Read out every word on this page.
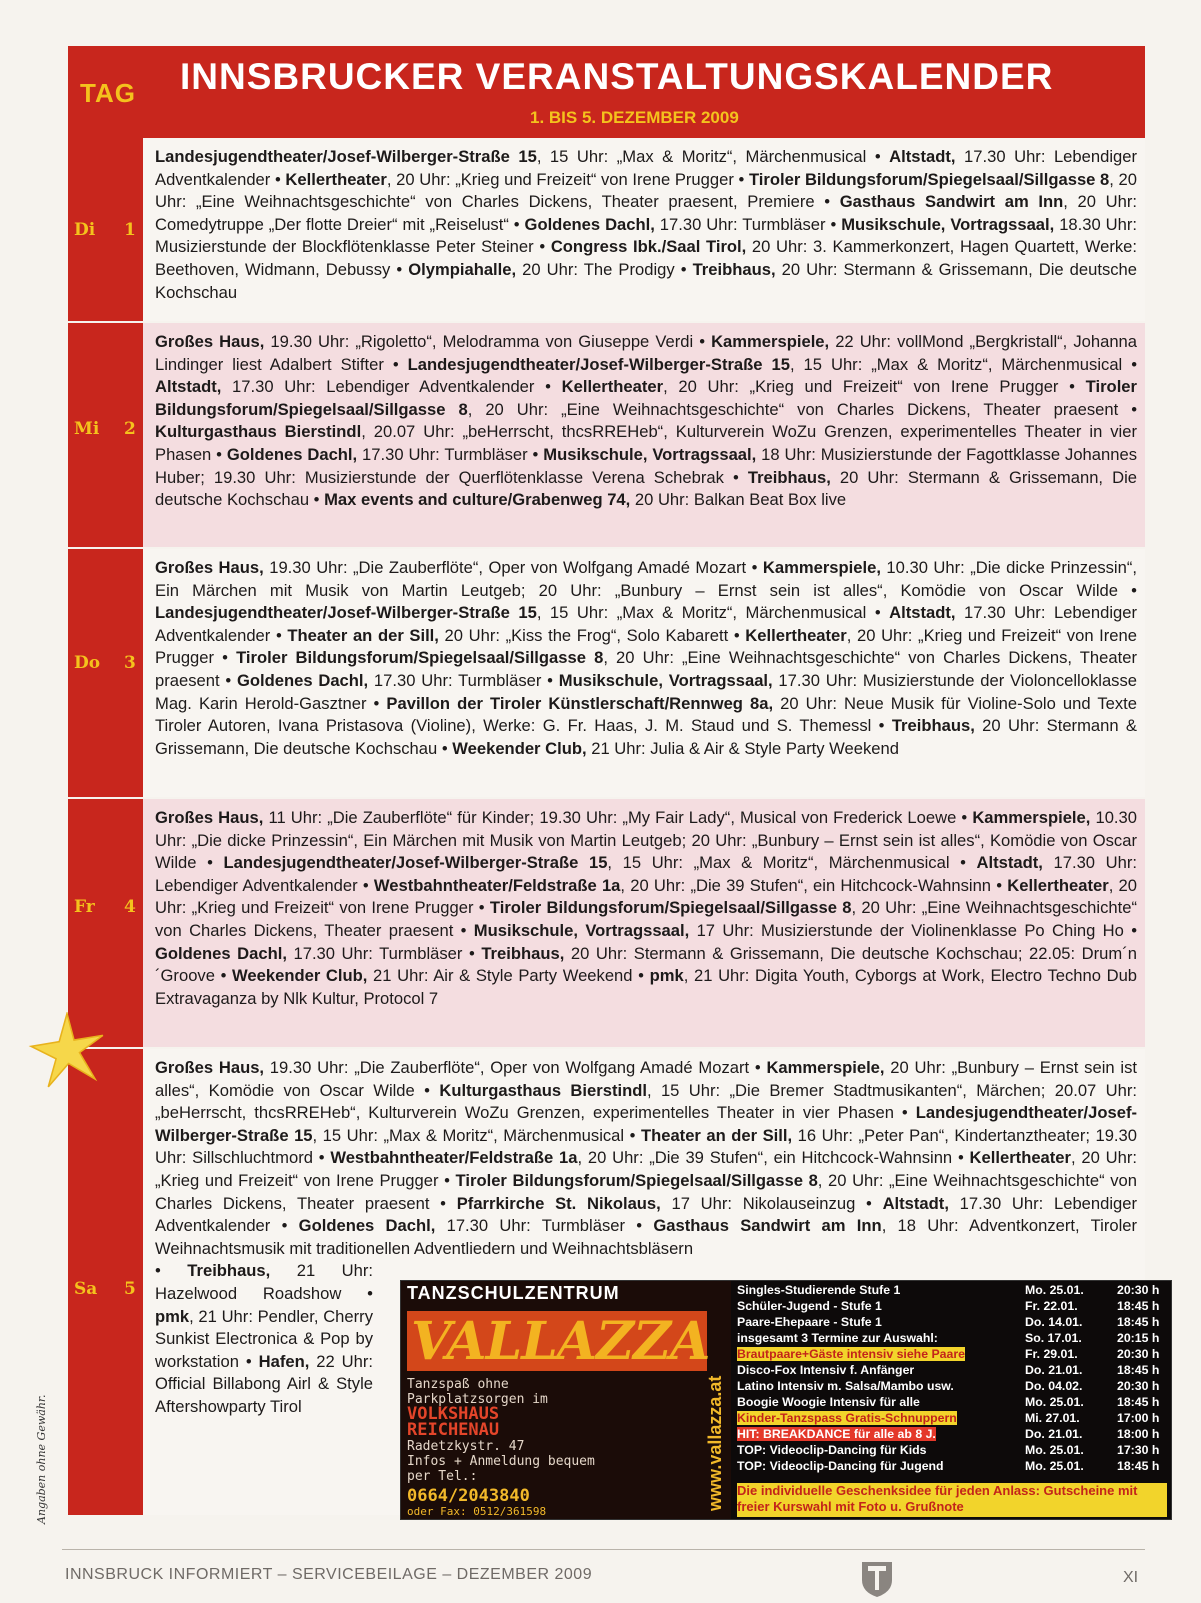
TAG INNSBRUCKER VERANSTALTUNGSKALENDER
1. BIS 5. DEZEMBER 2009
Di 1
Landesjugendtheater/Josef-Wilberger-Straße 15, 15 Uhr: „Max & Moritz“, Märchenmusical • Altstadt, 17.30 Uhr: Lebendiger Adventkalender • Kellertheater, 20 Uhr: „Krieg und Freizeit“ von Irene Prugger • Tiroler Bildungsforum/Spiegelsaal/Sillgasse 8, 20 Uhr: „Eine Weihnachtsgeschichte“ von Charles Dickens, Theater praesent, Premiere • Gasthaus Sandwirt am Inn, 20 Uhr: Comedytruppe „Der flotte Dreier“ mit „Reiselust“ • Goldenes Dachl, 17.30 Uhr: Turmbläser • Musikschule, Vortragssaal, 18.30 Uhr: Musizierstunde der Blockflötenklasse Peter Steiner • Congress Ibk./Saal Tirol, 20 Uhr: 3. Kammerkonzert, Hagen Quartett, Werke: Beethoven, Widmann, Debussy • Olympiahalle, 20 Uhr: The Prodigy • Treibhaus, 20 Uhr: Stermann & Grissemann, Die deutsche Kochschau
Mi 2
Großes Haus, 19.30 Uhr: „Rigoletto“, Melodramma von Giuseppe Verdi • Kammerspiele, 22 Uhr: vollMond „Bergkristall“, Johanna Lindinger liest Adalbert Stifter • Landesjugendtheater/Josef-Wilberger-Straße 15, 15 Uhr: „Max & Moritz“, Märchenmusical • Altstadt, 17.30 Uhr: Lebendiger Adventkalender • Kellertheater, 20 Uhr: „Krieg und Freizeit“ von Irene Prugger • Tiroler Bildungsforum/Spiegelsaal/Sillgasse 8, 20 Uhr: „Eine Weihnachtsgeschichte“ von Charles Dickens, Theater praesent • Kulturgasthaus Bierstindl, 20.07 Uhr: „beHerrscht, thcsRREHeb“, Kulturverein WoZu Grenzen, experimentelles Theater in vier Phasen • Goldenes Dachl, 17.30 Uhr: Turmbläser • Musikschule, Vortragssaal, 18 Uhr: Musizierstunde der Fagottklasse Johannes Huber; 19.30 Uhr: Musizierstunde der Querflötenklasse Verena Schebrak • Treibhaus, 20 Uhr: Stermann & Grissemann, Die deutsche Kochschau • Max events and culture/Grabenweg 74, 20 Uhr: Balkan Beat Box live
Do 3
Großes Haus, 19.30 Uhr: „Die Zauberflöte“, Oper von Wolfgang Amadé Mozart • Kammerspiele, 10.30 Uhr: „Die dicke Prinzessin“, Ein Märchen mit Musik von Martin Leutgeb; 20 Uhr: „Bunbury – Ernst sein ist alles“, Komödie von Oscar Wilde • Landesjugendtheater/Josef-Wilberger-Straße 15, 15 Uhr: „Max & Moritz“, Märchenmusical • Altstadt, 17.30 Uhr: Lebendiger Adventkalender • Theater an der Sill, 20 Uhr: „Kiss the Frog“, Solo Kabarett • Kellertheater, 20 Uhr: „Krieg und Freizeit“ von Irene Prugger • Tiroler Bildungsforum/Spiegelsaal/Sillgasse 8, 20 Uhr: „Eine Weihnachtsgeschichte“ von Charles Dickens, Theater praesent • Goldenes Dachl, 17.30 Uhr: Turmbläser • Musikschule, Vortragssaal, 17.30 Uhr: Musizierstunde der Violoncelloklasse Mag. Karin Herold-Gasztner • Pavillon der Tiroler Künstlerschaft/Rennweg 8a, 20 Uhr: Neue Musik für Violine-Solo und Texte Tiroler Autoren, Ivana Pristasova (Violine), Werke: G. Fr. Haas, J. M. Staud und S. Themessl • Treibhaus, 20 Uhr: Stermann & Grissemann, Die deutsche Kochschau • Weekender Club, 21 Uhr: Julia & Air & Style Party Weekend
Fr 4
Großes Haus, 11 Uhr: „Die Zauberflöte“ für Kinder; 19.30 Uhr: „My Fair Lady“, Musical von Frederick Loewe • Kammerspiele, 10.30 Uhr: „Die dicke Prinzessin“, Ein Märchen mit Musik von Martin Leutgeb; 20 Uhr: „Bunbury – Ernst sein ist alles“, Komödie von Oscar Wilde • Landesjugendtheater/Josef-Wilberger-Straße 15, 15 Uhr: „Max & Moritz“, Märchenmusical • Altstadt, 17.30 Uhr: Lebendiger Adventkalender • Westbahntheater/Feldstraße 1a, 20 Uhr: „Die 39 Stufen“, ein Hitchcock-Wahnsinn • Kellertheater, 20 Uhr: „Krieg und Freizeit“ von Irene Prugger • Tiroler Bildungsforum/Spiegelsaal/Sillgasse 8, 20 Uhr: „Eine Weihnachtsgeschichte“ von Charles Dickens, Theater praesent • Musikschule, Vortragssaal, 17 Uhr: Musizierstunde der Violinenklasse Po Ching Ho • Goldenes Dachl, 17.30 Uhr: Turmbläser • Treibhaus, 20 Uhr: Stermann & Grissemann, Die deutsche Kochschau; 22.05: Drum´n´Groove • Weekender Club, 21 Uhr: Air & Style Party Weekend • pmk, 21 Uhr: Digita Youth, Cyborgs at Work, Electro Techno Dub Extravaganza by Nlk Kultur, Protocol 7
Sa 5
Großes Haus, 19.30 Uhr: „Die Zauberflöte“, Oper von Wolfgang Amadé Mozart • Kammerspiele, 20 Uhr: „Bunbury – Ernst sein ist alles“, Komödie von Oscar Wilde • Kulturgasthaus Bierstindl, 15 Uhr: „Die Bremer Stadtmusikanten“, Märchen; 20.07 Uhr: „beHerrscht, thcsRREHeb“, Kulturverein WoZu Grenzen, experimentelles Theater in vier Phasen • Landesjugendtheater/Josef-Wilberger-Straße 15, 15 Uhr: „Max & Moritz“, Märchenmusical • Theater an der Sill, 16 Uhr: „Peter Pan“, Kindertanztheater; 19.30 Uhr: Sillschluchtmord • Westbahntheater/Feldstraße 1a, 20 Uhr: „Die 39 Stufen“, ein Hitchcock-Wahnsinn • Kellertheater, 20 Uhr: „Krieg und Freizeit“ von Irene Prugger • Tiroler Bildungsforum/Spiegelsaal/Sillgasse 8, 20 Uhr: „Eine Weihnachtsgeschichte“ von Charles Dickens, Theater praesent • Pfarrkirche St. Nikolaus, 17 Uhr: Nikolauseinzug • Altstadt, 17.30 Uhr: Lebendiger Adventkalender • Goldenes Dachl, 17.30 Uhr: Turmbläser • Gasthaus Sandwirt am Inn, 18 Uhr: Adventkonzert, Tiroler Weihnachtsmusik mit traditionellen Adventliedern und Weihnachtsbläsern
• Treibhaus, 21 Uhr: Hazelwood Roadshow • pmk, 21 Uhr: Pendler, Cherry Sunkist Electronica & Pop by workstation • Hafen, 22 Uhr: Official Billabong Airl & Style Aftershowparty Tirol
TANZSCHULZENTRUM
VALLAZZA
Tanzspaß ohne Parkplatzsorgen im
VOLKSHAUS REICHENAU
Radetzkystr. 47
Infos + Anmeldung bequem per Tel.:
0664/2043840
oder Fax: 0512/361598
www.vallazza.at
Singles-Studierende Stufe 1	Mo. 25.01.	20:30 h
Schüler-Jugend - Stufe 1	Fr. 22.01.	18:45 h
Paare-Ehepaare - Stufe 1	Do. 14.01.	18:45 h
insgesamt 3 Termine zur Auswahl:	So. 17.01.	20:15 h
Brautpaare+Gäste intensiv siehe Paare	Fr. 29.01.	20:30 h
Disco-Fox Intensiv f. Anfänger	Do. 21.01.	18:45 h
Latino Intensiv m. Salsa/Mambo usw.	Do. 04.02.	20:30 h
Boogie Woogie Intensiv für alle	Mo. 25.01.	18:45 h
Kinder-Tanzspass Gratis-Schnuppern	Mi. 27.01.	17:00 h
HIT: BREAKDANCE für alle ab 8 J.	Do. 21.01.	18:00 h
TOP: Videoclip-Dancing für Kids	Mo. 25.01.	17:30 h
TOP: Videoclip-Dancing für Jugend	Mo. 25.01.	18:45 h
Die individuelle Geschenksidee für jeden Anlass: Gutscheine mit freier Kurswahl mit Foto u. Grußnote
Angaben ohne Gewähr.
INNSBRUCK INFORMIERT – SERVICEBEILAGE – DEZEMBER 2009	XI
